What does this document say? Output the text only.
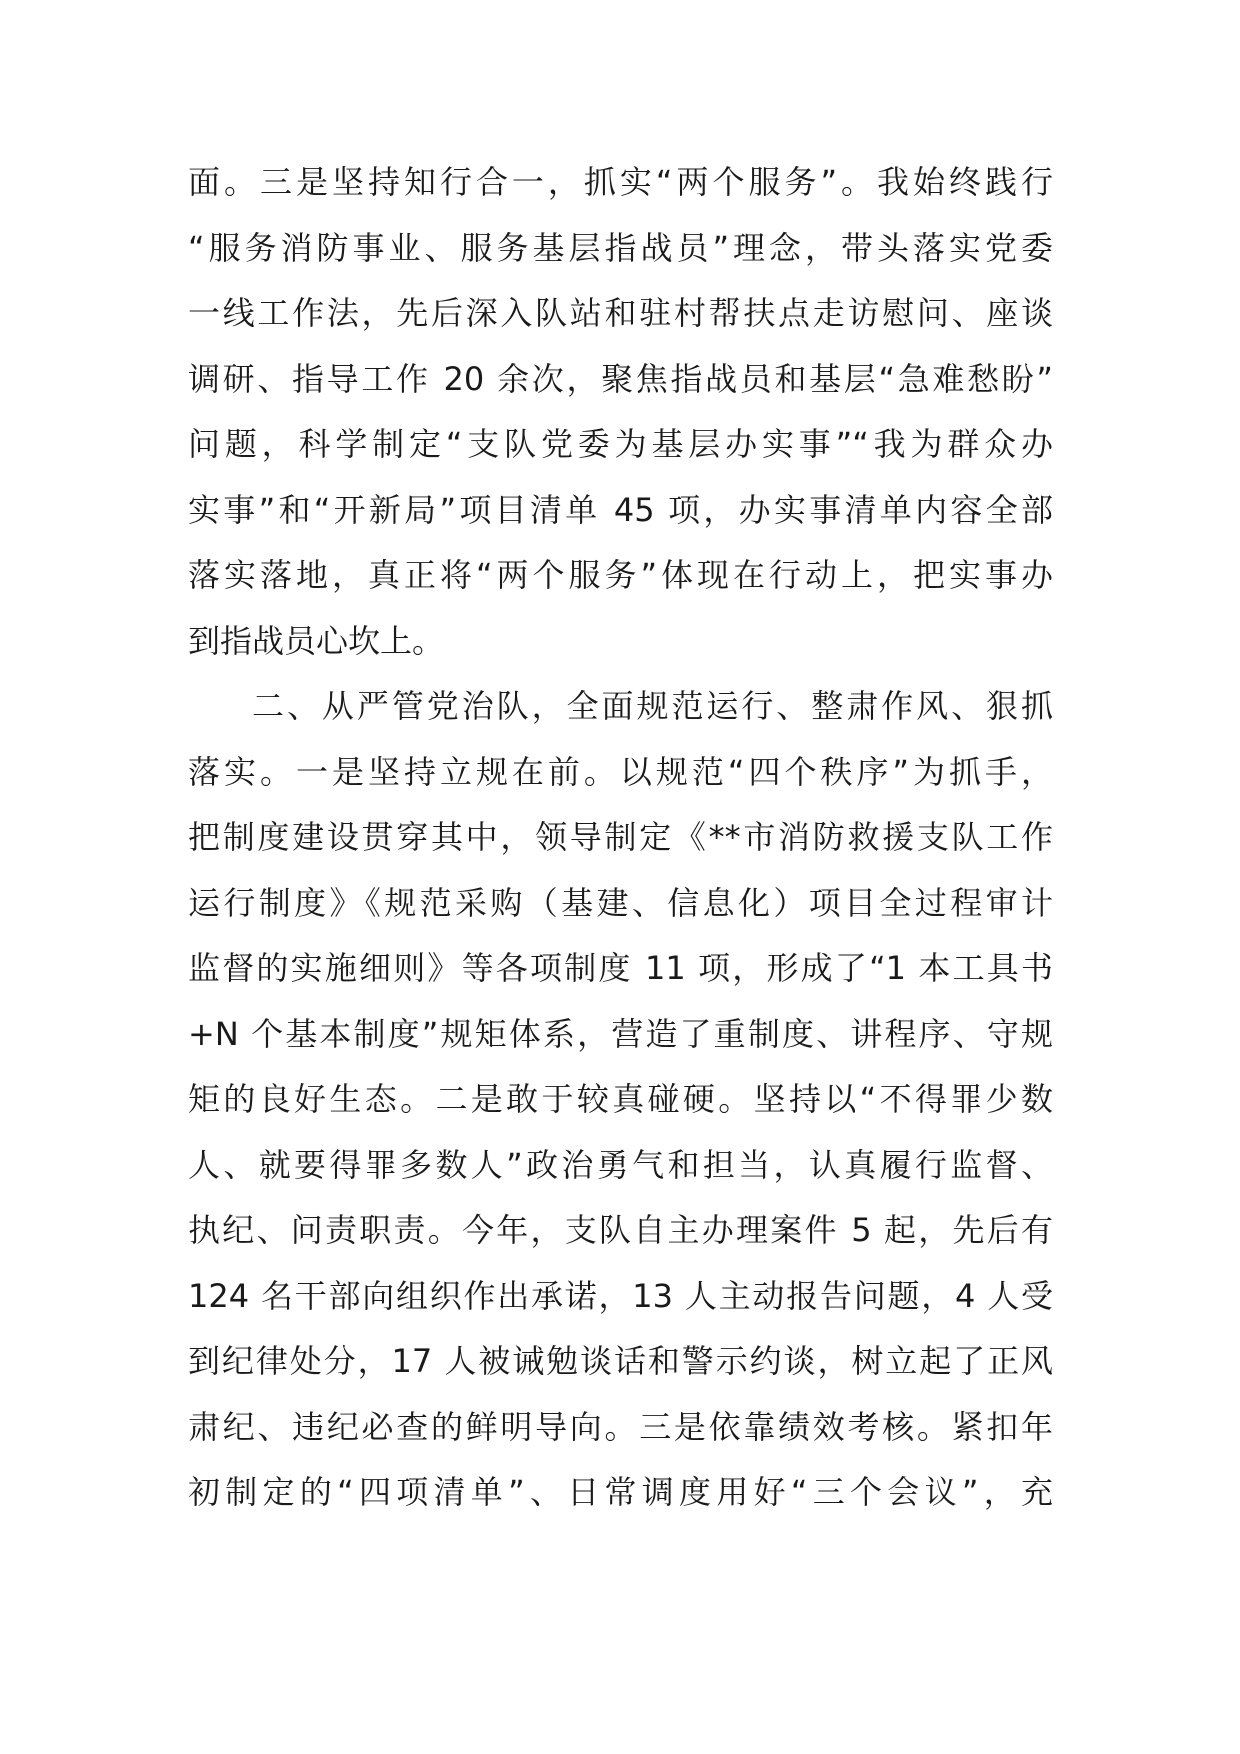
面。三是坚持知行合一，抓实“两个服务”。我始终践行
“服务消防事业、服务基层指战员”理念，带头落实党委
一线工作法，先后深入队站和驻村帮扶点走访慰问、座谈
调研、指导工作 20 余次，聚焦指战员和基层“急难愁盼”
问题，科学制定“支队党委为基层办实事”“我为群众办
实事”和“开新局”项目清单 45 项，办实事清单内容全部
落实落地，真正将“两个服务”体现在行动上，把实事办
到指战员心坎上。
二、从严管党治队，全面规范运行、整肃作风、狠抓
落实。一是坚持立规在前。以规范“四个秩序”为抓手，
把制度建设贯穿其中，领导制定《**市消防救援支队工作
运行制度》《规范采购（基建、信息化）项目全过程审计
监督的实施细则》等各项制度 11 项，形成了“1 本工具书
+N 个基本制度”规矩体系，营造了重制度、讲程序、守规
矩的良好生态。二是敢于较真碰硬。坚持以“不得罪少数
人、就要得罪多数人”政治勇气和担当，认真履行监督、
执纪、问责职责。今年，支队自主办理案件 5 起，先后有
124 名干部向组织作出承诺，13 人主动报告问题，4 人受
到纪律处分，17 人被诫勉谈话和警示约谈，树立起了正风
肃纪、违纪必查的鲜明导向。三是依靠绩效考核。紧扣年
初制定的“四项清单”、日常调度用好“三个会议”，充
